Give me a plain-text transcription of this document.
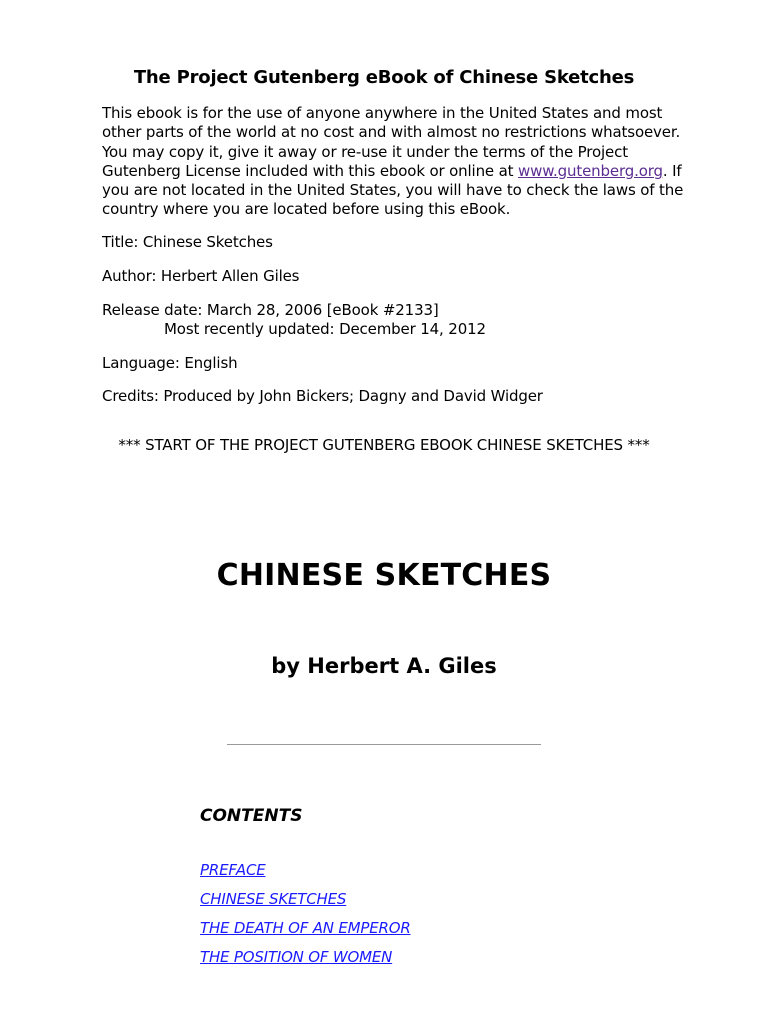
The Project Gutenberg eBook of Chinese Sketches
This ebook is for the use of anyone anywhere in the United States and most other parts of the world at no cost and with almost no restrictions whatsoever. You may copy it, give it away or re-use it under the terms of the Project Gutenberg License included with this ebook or online at www.gutenberg.org. If you are not located in the United States, you will have to check the laws of the country where you are located before using this eBook.
Title: Chinese Sketches
Author: Herbert Allen Giles
Release date: March 28, 2006 [eBook #2133]
Most recently updated: December 14, 2012
Language: English
Credits: Produced by John Bickers; Dagny and David Widger
*** START OF THE PROJECT GUTENBERG EBOOK CHINESE SKETCHES ***
CHINESE SKETCHES
by Herbert A. Giles
CONTENTS
PREFACE
CHINESE SKETCHES
THE DEATH OF AN EMPEROR
THE POSITION OF WOMEN
